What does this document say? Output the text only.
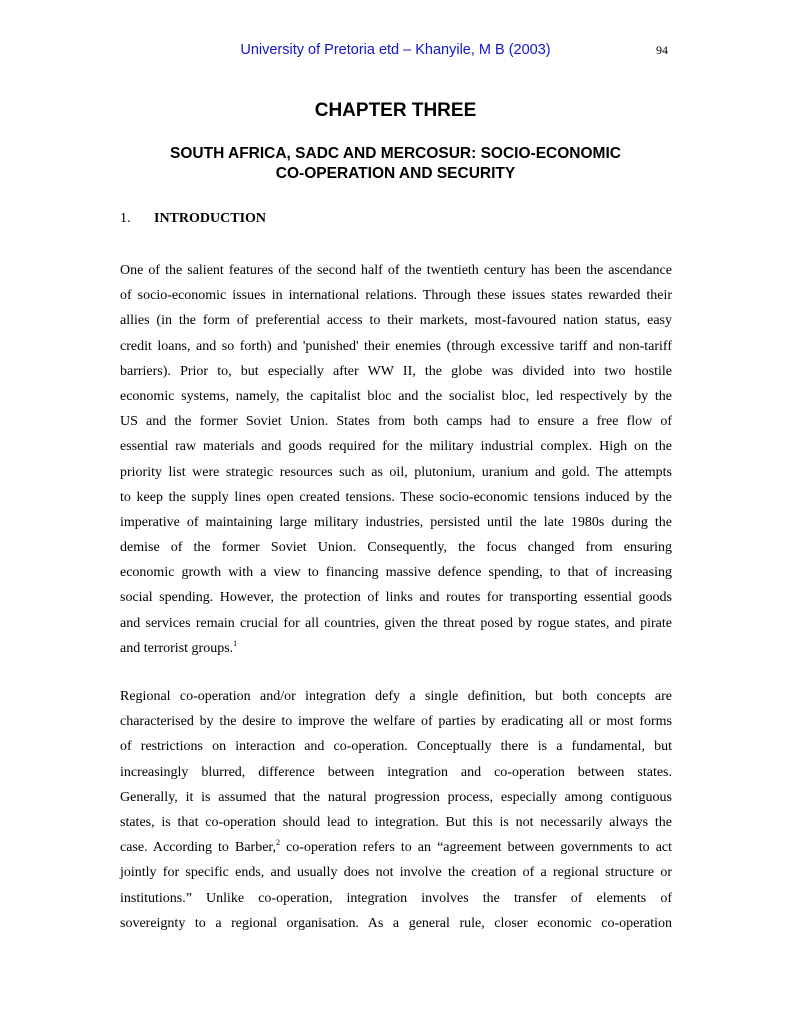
University of Pretoria etd – Khanyile, M B (2003)	94
CHAPTER THREE
SOUTH AFRICA, SADC AND MERCOSUR: SOCIO-ECONOMIC
CO-OPERATION AND SECURITY
1. INTRODUCTION
One of the salient features of the second half of the twentieth century has been the ascendance
of socio-economic issues in international relations. Through these issues states rewarded their
allies (in the form of preferential access to their markets, most-favoured nation status, easy
credit loans, and so forth) and 'punished' their enemies (through excessive tariff and non-tariff
barriers). Prior to, but especially after WW II, the globe was divided into two hostile
economic systems, namely, the capitalist bloc and the socialist bloc, led respectively by the
US and the former Soviet Union. States from both camps had to ensure a free flow of
essential raw materials and goods required for the military industrial complex. High on the
priority list were strategic resources such as oil, plutonium, uranium and gold. The attempts
to keep the supply lines open created tensions. These socio-economic tensions induced by the
imperative of maintaining large military industries, persisted until the late 1980s during the
demise of the former Soviet Union. Consequently, the focus changed from ensuring
economic growth with a view to financing massive defence spending, to that of increasing
social spending. However, the protection of links and routes for transporting essential goods
and services remain crucial for all countries, given the threat posed by rogue states, and pirate
and terrorist groups.$^1$
Regional co-operation and/or integration defy a single definition, but both concepts are
characterised by the desire to improve the welfare of parties by eradicating all or most forms
of restrictions on interaction and co-operation. Conceptually there is a fundamental, but
increasingly blurred, difference between integration and co-operation between states.
Generally, it is assumed that the natural progression process, especially among contiguous
states, is that co-operation should lead to integration. But this is not necessarily always the
case. According to Barber,$^2$ co-operation refers to an “agreement between governments to act
jointly for specific ends, and usually does not involve the creation of a regional structure or
institutions.” Unlike co-operation, integration involves the transfer of elements of
sovereignty to a regional organisation. As a general rule, closer economic co-operation
